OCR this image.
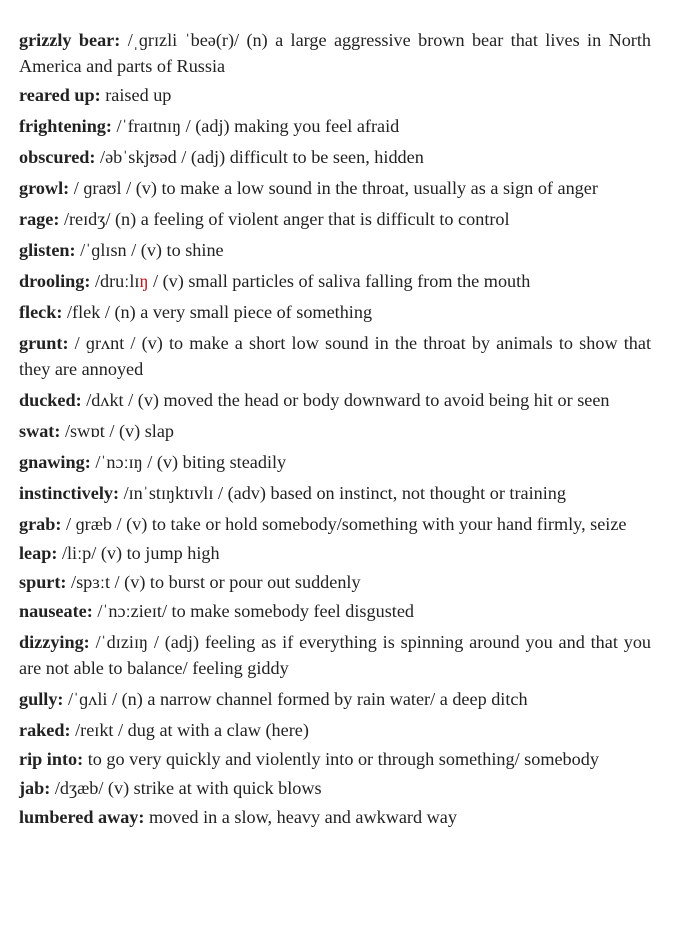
grizzly bear: /ˌɡrɪzli ˈbeə(r)/ (n) a large aggressive brown bear that lives in North America and parts of Russia
reared up: raised up
frightening: /ˈfraɪtnɪŋ / (adj) making you feel afraid
obscured: /əbˈskjʊəd / (adj) difficult to be seen, hidden
growl: / ɡraʊl / (v) to make a low sound in the throat, usually as a sign of anger
rage: /reɪdʒ/ (n) a feeling of violent anger that is difficult to control
glisten: /ˈɡlɪsn / (v) to shine
drooling: /druːlɪŋ / (v) small particles of saliva falling from the mouth
fleck: /flek / (n) a very small piece of something
grunt: / ɡrʌnt / (v) to make a short low sound in the throat by animals to show that they are annoyed
ducked: /dʌkt / (v) moved the head or body downward to avoid being hit or seen
swat: /swɒt / (v) slap
gnawing: /ˈnɔːɪŋ / (v) biting steadily
instinctively: /ɪnˈstɪŋktɪvlɪ / (adv) based on instinct, not thought or training
grab: / ɡræb / (v) to take or hold somebody/something with your hand firmly, seize
leap: /liːp/ (v) to jump high
spurt: /spɜːt / (v) to burst or pour out suddenly
nauseate: /ˈnɔːzieɪt/ to make somebody feel disgusted
dizzying: /ˈdɪziɪŋ / (adj) feeling as if everything is spinning around you and that you are not able to balance/ feeling giddy
gully: /ˈɡʌli / (n) a narrow channel formed by rain water/ a deep ditch
raked: /reɪkt / dug at with a claw (here)
rip into: to go very quickly and violently into or through something/ somebody
jab: /dʒæb/ (v) strike at with quick blows
lumbered away: moved in a slow, heavy and awkward way
